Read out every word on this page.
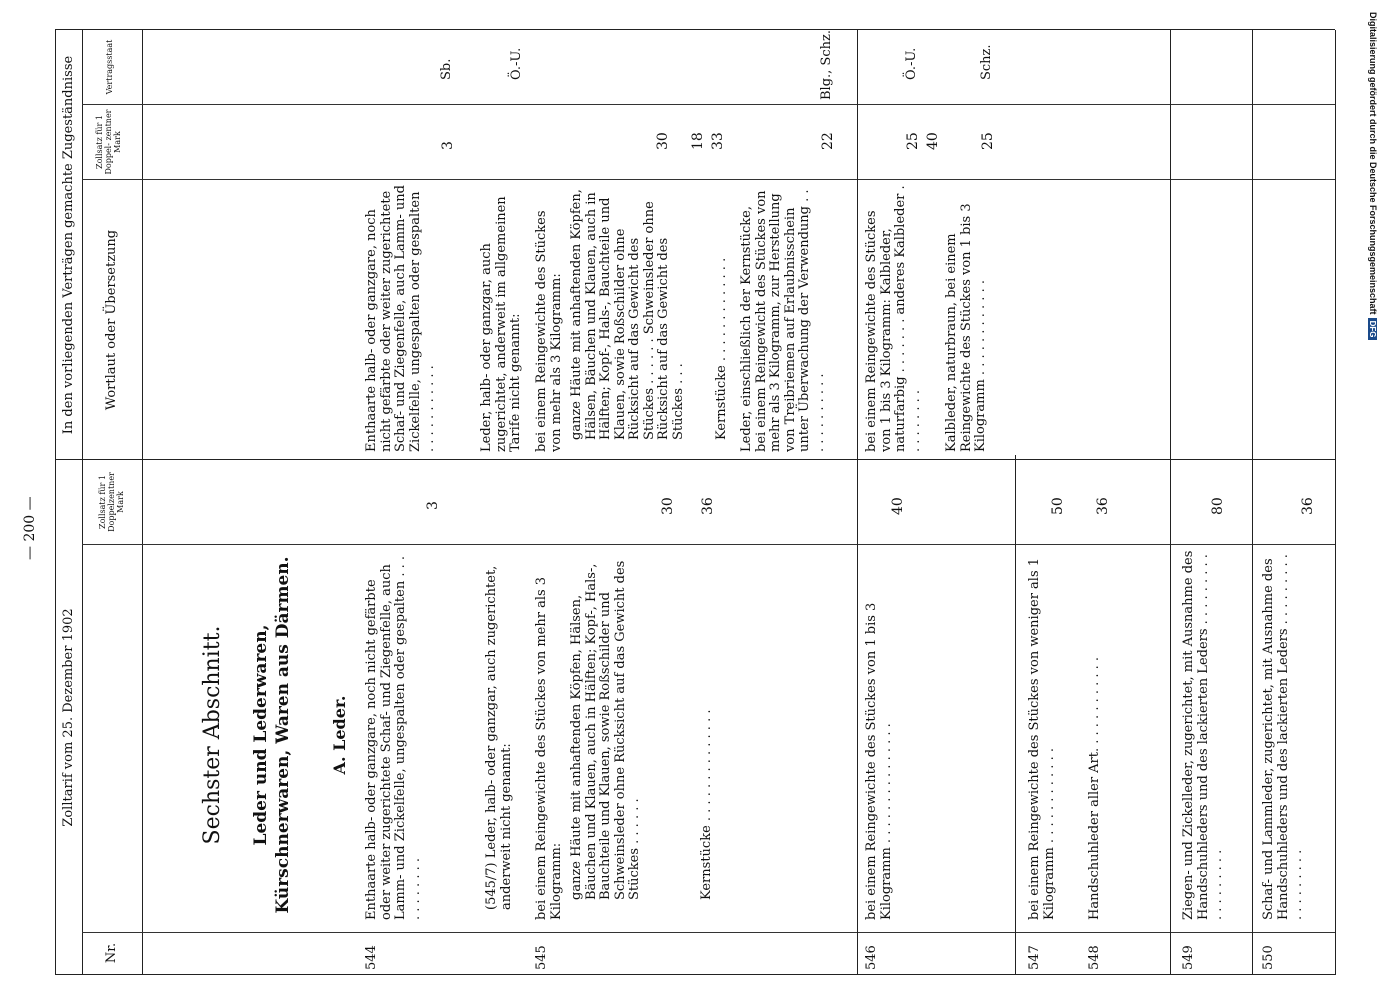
— 200 —
Zolltarif vom 25. Dezember 1902
In den vorliegenden Verträgen gemachte Zugeständnisse
Nr.
Zollsatz für 1 Doppelzentner Mark
Wortlaut oder Übersetzung
Zollsatz für 1 Doppel- zentner Mark
Vertragsstaat
Sechster Abschnitt. Leder und Lederwaren, Kürschnerwaren, Waren aus Därmen. A. Leder.
544
Enthaarte halb- oder ganzgare, noch nicht gefärbte oder weiter zugerichtete Schaf- und Ziegenfelle, auch Lamm- und Zickelfelle, ungespalten oder gespalten . . . . . . . . . . .
3
Enthaarte halb- oder ganzgare, noch nicht gefärbte oder weiter zugerichtete Schaf- und Ziegenfelle, auch Lamm- und Zickelfelle, ungespalten oder gespalten . . . . . . . . . . .
3
Sb.
(545/7) Leder, halb- oder ganzgar, auch zugerichtet, anderweit nicht genannt:
Leder, halb- oder ganzgar, auch zugerichtet, anderweit im allgemeinen Tarife nicht genannt:
Ö.-U.
545
bei einem Reingewichte des Stückes von mehr als 3 Kilogramm:
bei einem Reingewichte des Stückes von mehr als 3 Kilogramm:
ganze Häute mit anhaftenden Köpfen, Hälsen, Bäuchen und Klauen, auch in Hälften; Kopf-, Hals-, Bauchteile und Klauen, sowie Roßschilder und Schweinsleder ohne Rücksicht auf das Gewicht des Stückes . . . . . .
30
ganze Häute mit anhaftenden Köpfen, Hälsen, Bäuchen und Klauen, auch in Hälften; Kopf-, Hals-, Bauchteile und Klauen, sowie Roßschilder ohne Rücksicht auf das Gewicht des Stückes . . . . . . Schweinsleder ohne Rücksicht auf das Gewicht des Stückes . . .
30 18
Kernstücke . . . . . . . . . . . . . .
36
Kernstücke . . . . . . . . . . . . .
33
Leder, einschließlich der Kernstücke, bei einem Reingewicht des Stückes von mehr als 3 Kilogramm, zur Herstellung von Treibriemen auf Erlaubnisschein unter Überwachung der Verwendung . . . . . . . . . . . .
22
Blg., Schz.
546
bei einem Reingewichte des Stückes von 1 bis 3 Kilogramm . . . . . . . . . . . . . . .
40
bei einem Reingewichte des Stückes von 1 bis 3 Kilogramm: Kalbleder, naturfarbig . . . . . . . anderes Kalbleder . . . . . . . . .
25 40
Ö.-U.
Kalbleder, naturbraun, bei einem Reingewichte des Stückes von 1 bis 3 Kilogramm . . . . . . . . . . . .
25
Schz.
547
bei einem Reingewichte des Stückes von weniger als 1 Kilogramm . . . . . . . . . . . .
50
548
Handschuhleder aller Art. . . . . . . . . . . .
36
549
Ziegen- und Zickelleder, zugerichtet, mit Ausnahme des Handschuhleders und des lackierten Leders . . . . . . . . . . . . . . . . . .
80
550
Schaf- und Lammleder, zugerichtet, mit Ausnahme des Handschuhleders und des lackierten Leders . . . . . . . . . . . . . . . . . .
36
Digitalisierung gefördert durch die Deutsche ForschungsgemeinschaftDFG
